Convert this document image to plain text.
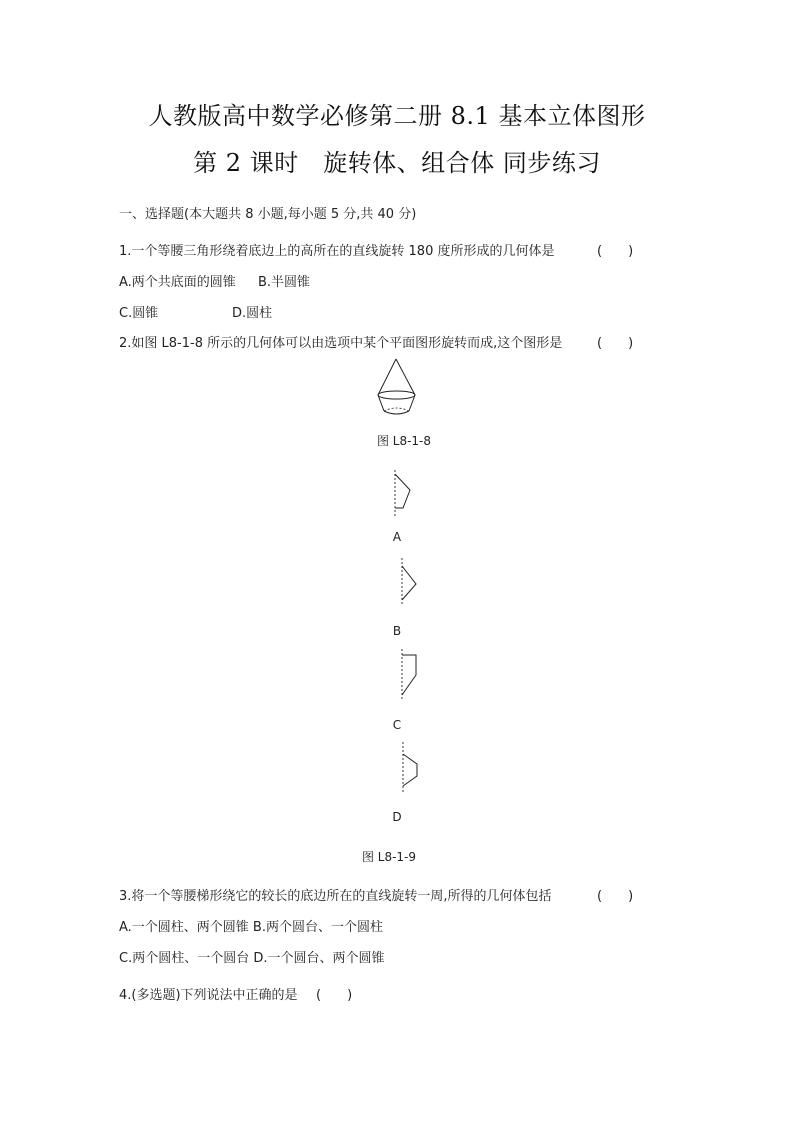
人教版高中数学必修第二册 8.1 基本立体图形
第 2 课时　旋转体、组合体 同步练习
一、选择题(本大题共 8 小题,每小题 5 分,共 40 分)
1.一个等腰三角形绕着底边上的高所在的直线旋转 180 度所形成的几何体是	(　　)
A.两个共底面的圆锥 B.半圆锥
C.圆锥	D.圆柱
2.如图 L8-1-8 所示的几何体可以由选项中某个平面图形旋转而成,这个图形是	(　　)
图 L8-1-8
A
B
C
D
图 L8-1-9
3.将一个等腰梯形绕它的较长的底边所在的直线旋转一周,所得的几何体包括	(　　)
A.一个圆柱、两个圆锥 B.两个圆台、一个圆柱
C.两个圆柱、一个圆台 D.一个圆台、两个圆锥
4.(多选题)下列说法中正确的是 (　　)
